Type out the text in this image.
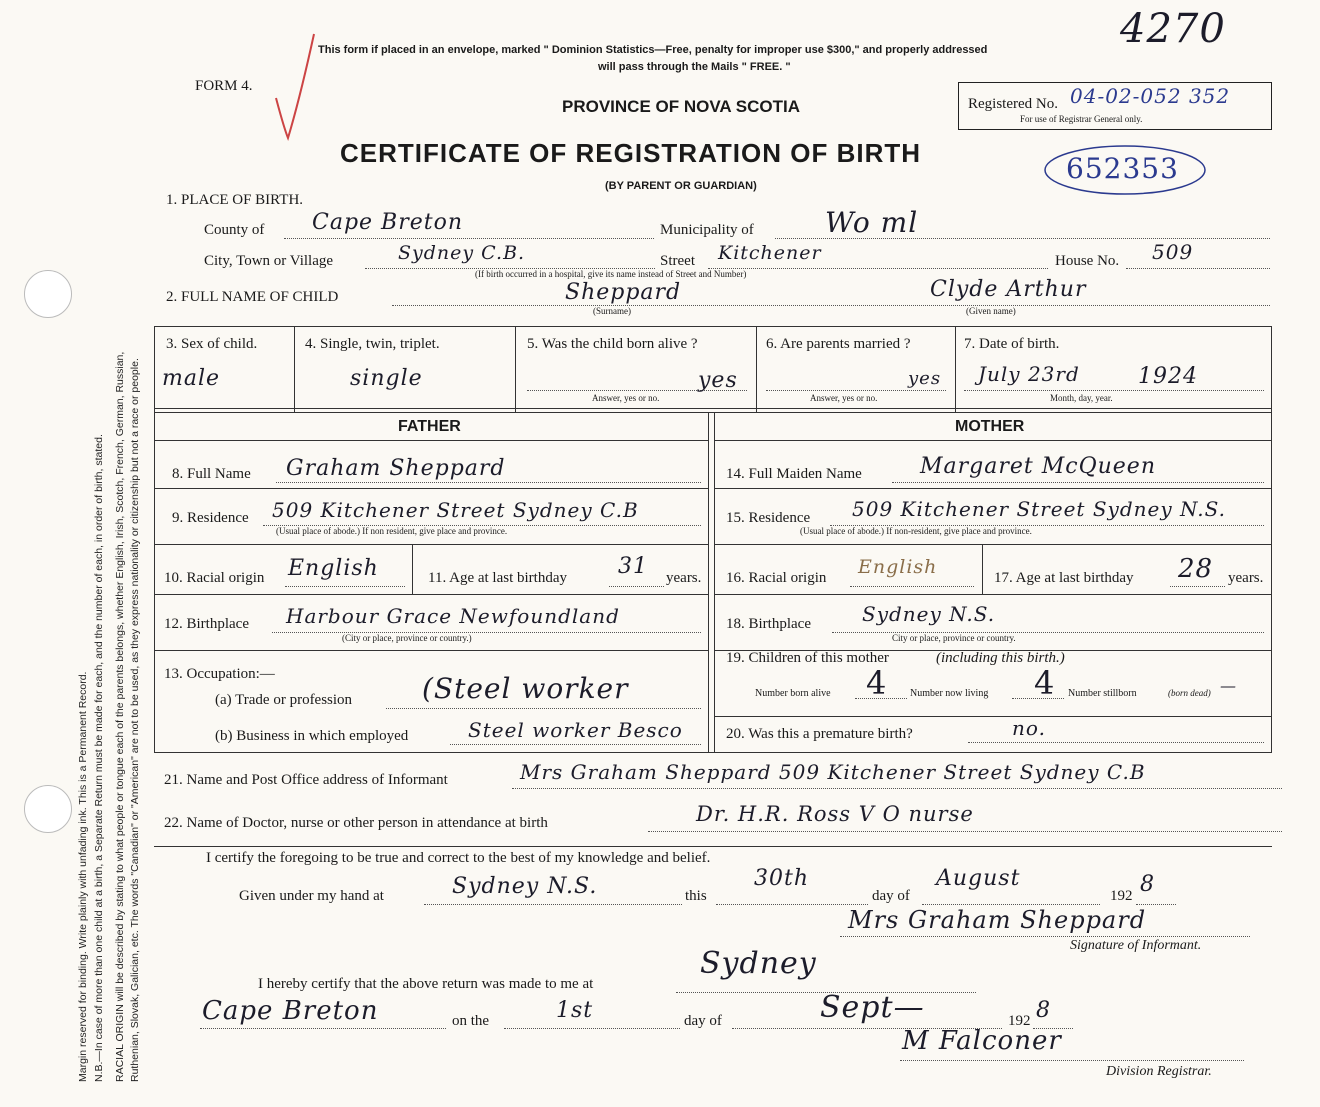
Margin reserved for binding. Write plainly with unfading ink. This is a Permanent Record. N.B.—In case of more than one child at a birth, a Separate Return must be made for each, and the number of each, in order of birth, stated. RACIAL ORIGIN will be described by stating to what people or tongue each of the parents belongs, whether English, Irish, Scotch, French, German, Russian, Ruthenian, Slovak, Galician, etc. The words "Canadian" or "American" are not to be used, as they express nationality or citizenship but not a race or people.
This form if placed in an envelope, marked " Dominion Statistics—Free, penalty for improper use $300," and properly addressed
will pass through the Mails " FREE. "
FORM 4.
PROVINCE OF NOVA SCOTIA
CERTIFICATE OF REGISTRATION OF BIRTH
(BY PARENT OR GUARDIAN)
Registered No.
For use of Registrar General only.
04-02-052 352
4270
652353
1. PLACE OF BIRTH.
County of Cape Breton	Municipality of	Wo ml
City, Town or Village	Sydney C.B.	Street Kitchener
(If birth occurred in a hospital, give its name instead of Street and Number)
House No. 509
2. FULL NAME OF CHILD	Sheppard
(Surname)
Clyde Arthur
(Given name)
3. Sex of child.
male
4. Single, twin, triplet.
single
5. Was the child born alive ?
yes
Answer, yes or no.
6. Are parents married ?
yes
Answer, yes or no.
7. Date of birth.
July 23rd	1924
Month, day, year.
FATHER	MOTHER
8. Full Name Graham Sheppard	14. Full Maiden Name	Margaret McQueen
9. Residence 509 Kitchener Street Sydney C.B
(Usual place of abode.) If non resident, give place and province.
15. Residence 509 Kitchener Street Sydney N.S.
(Usual place of abode.) If non-resident, give place and province.
10. Racial origin English	11. Age at last birthday 31 years. 16. Racial origin English	17. Age at last birthday 28 years.
12. Birthplace Harbour Grace Newfoundland
(City or place, province or country.)
18. Birthplace	Sydney N.S.
City or place, province or country.
13. Occupation:—
(a) Trade or profession (Steel worker
(b) Business in which employed	Steel worker Besco
19. Children of this mother	(including this birth.)
Number born alive 4 Number now living 4 Number stillborn	(born dead) —
20. Was this a premature birth?	no.
21. Name and Post Office address of Informant	Mrs Graham Sheppard 509 Kitchener Street Sydney C.B
22. Name of Doctor, nurse or other person in attendance at birth	Dr. H.R. Ross V O nurse
I certify the foregoing to be true and correct to the best of my knowledge and belief.
Given under my hand at	Sydney N.S.	this
30th
day of
August
192 8
Mrs Graham Sheppard
Signature of Informant.
I hereby certify that the above return was made to me at
Sydney
Cape Breton	on the	1st	day of	Sept—	192 8
M Falconer
Division Registrar.
